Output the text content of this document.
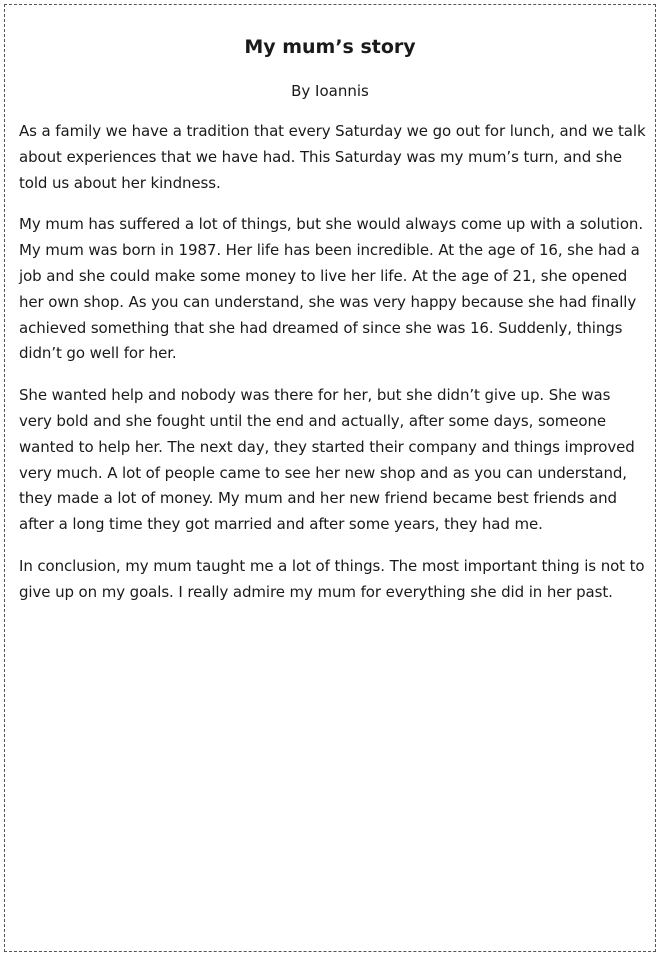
My mum’s story

By Ioannis

As a family we have a tradition that every Saturday we go out for lunch, and we talk about experiences that we have had. This Saturday was my mum’s turn, and she told us about her kindness.

My mum has suffered a lot of things, but she would always come up with a solution. My mum was born in 1987. Her life has been incredible. At the age of 16, she had a job and she could make some money to live her life. At the age of 21, she opened her own shop. As you can understand, she was very happy because she had finally achieved something that she had dreamed of since she was 16. Suddenly, things didn’t go well for her.

She wanted help and nobody was there for her, but she didn’t give up. She was very bold and she fought until the end and actually, after some days, someone wanted to help her. The next day, they started their company and things improved very much. A lot of people came to see her new shop and as you can understand, they made a lot of money. My mum and her new friend became best friends and after a long time they got married and after some years, they had me.

In conclusion, my mum taught me a lot of things. The most important thing is not to give up on my goals. I really admire my mum for everything she did in her past.
